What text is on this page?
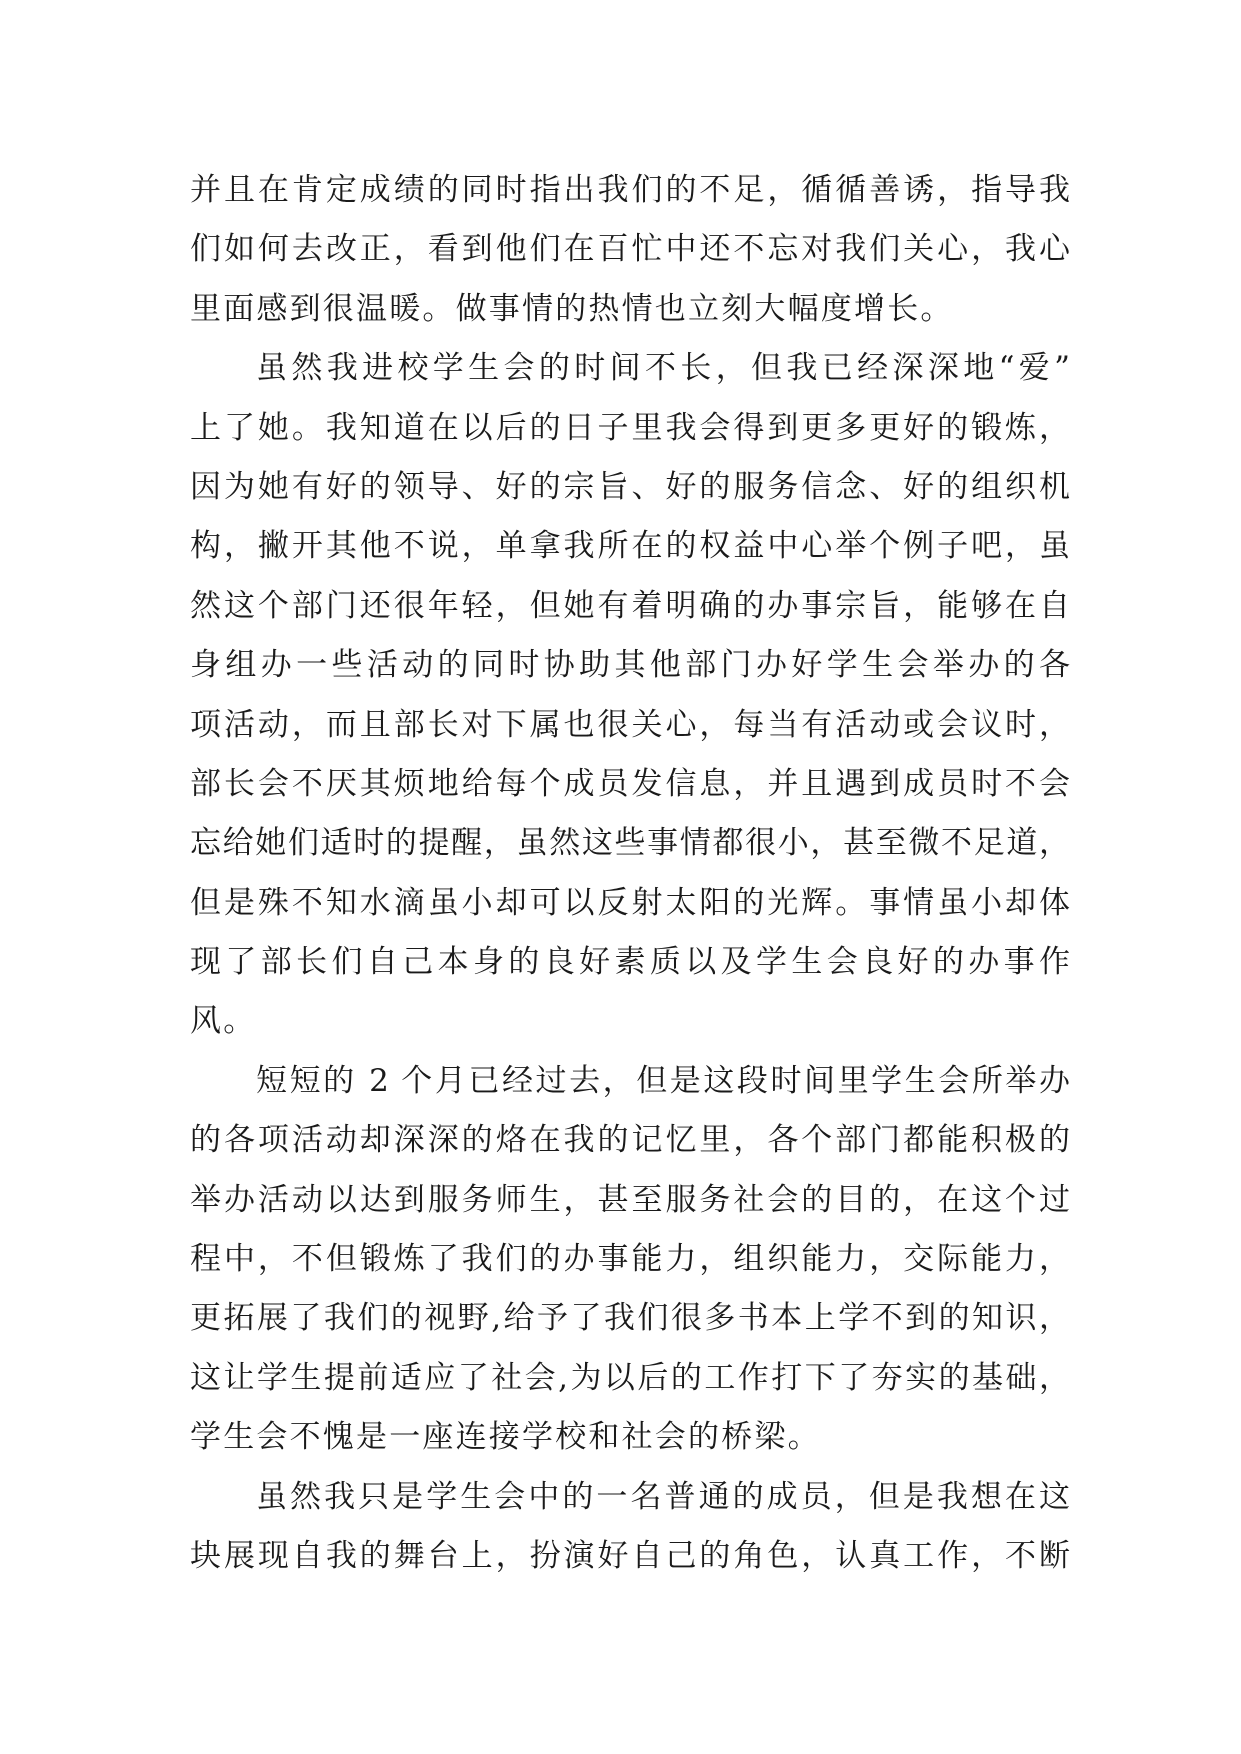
并且在肯定成绩的同时指出我们的不足，循循善诱，指导我
们如何去改正，看到他们在百忙中还不忘对我们关心，我心
里面感到很温暖。做事情的热情也立刻大幅度增长。
虽然我进校学生会的时间不长，但我已经深深地“爱”
上了她。我知道在以后的日子里我会得到更多更好的锻炼，
因为她有好的领导、好的宗旨、好的服务信念、好的组织机
构，撇开其他不说，单拿我所在的权益中心举个例子吧，虽
然这个部门还很年轻，但她有着明确的办事宗旨，能够在自
身组办一些活动的同时协助其他部门办好学生会举办的各
项活动，而且部长对下属也很关心，每当有活动或会议时，
部长会不厌其烦地给每个成员发信息，并且遇到成员时不会
忘给她们适时的提醒，虽然这些事情都很小，甚至微不足道，
但是殊不知水滴虽小却可以反射太阳的光辉。事情虽小却体
现了部长们自己本身的良好素质以及学生会良好的办事作
风。
短短的 2 个月已经过去，但是这段时间里学生会所举办
的各项活动却深深的烙在我的记忆里，各个部门都能积极的
举办活动以达到服务师生，甚至服务社会的目的，在这个过
程中，不但锻炼了我们的办事能力，组织能力，交际能力，
更拓展了我们的视野,给予了我们很多书本上学不到的知识，
这让学生提前适应了社会,为以后的工作打下了夯实的基础，
学生会不愧是一座连接学校和社会的桥梁。
虽然我只是学生会中的一名普通的成员，但是我想在这
块展现自我的舞台上，扮演好自己的角色，认真工作，不断
